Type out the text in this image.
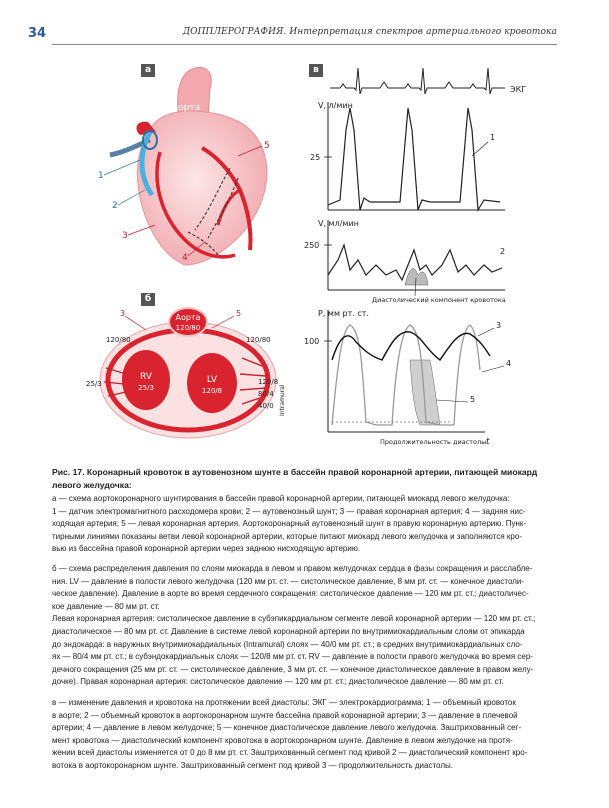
34	ДОППЛЕРОГРАФИЯ. Интерпретация спектров артериального кровотока
а
б
в
Аорта
1
2
3
4
5
Аорта
120/80
RV
25/3
LV
120/8
3	5
120/80	120/80
25/3	120/8
80/4
40/0 Intramural
ЭКГ
V, л/мин
25
1
V, мл/мин
250
2
Диастолический компонент кровотока
P, мм рт. ст.
100
3
4
5
Продолжительность диастолы t

Рис. 17. Коронарный кровоток в аутовенозном шунте в бассейн правой коронарной артерии, питающей миокард левого желудочка:

а — схема аортокоронарного шунтирования в бассейн правой коронарной артерии, питающей миокард левого желудочка:

1 — датчик электромагнитного расходомера крови; 2 — аутовенозный шунт; 3 — правая коронарная артерия; 4 — задняя нис-

ходящая артерия; 5 — левая коронарная артерия. Аортокоронарный аутовенозный шунт в правую коронарную артерию. Пунк-

тирными линиями показаны ветви левой коронарной артерии, которые питают миокард левого желудочка и заполняются кро-

вью из бассейна правой коронарной артерии через заднюю нисходящую артерию.

б — схема распределения давления по слоям миокарда в левом и правом желудочках сердца в фазы сокращения и расслабле-

ния. LV — давление в полости левого желудочка (120 мм рт. ст. — систолическое давление, 8 мм рт. ст. — конечное диастоли-

ческое давление). Давление в аорте во время сердечного сокращения: систолическое давление — 120 мм рт. ст.; диастоличес-

кое давление — 80 мм рт. ст.

Левая коронарная артерия: систолическое давление в субэпикардиальном сегменте левой коронарной артерии — 120 мм рт. ст.;

диастолическое — 80 мм рт. ст. Давление в системе левой коронарной артерии по внутримиокардиальным слоям от эпикарда

до эндокарда: в наружных внутримиокардиальных (Intramural) слоях — 40/0 мм рт. ст.; в средних внутримиокардиальных сло-

ях — 80/4 мм рт. ст.; в субэндокардиальных слоях — 120/8 мм рт. ст. RV — давление в полости правого желудочка во время сер-

дечного сокращения (25 мм рт. ст. — систолическое давление, 3 мм рт. ст. — конечное диастолическое давление в правом желу-

дочке). Правая коронарная артерия: систолическое давление — 120 мм рт. ст.; диастолическое давление — 80 мм рт. ст.

в — изменение давления и кровотока на протяжении всей диастолы: ЭКГ — электрокардиограмма; 1 — объемный кровоток

в аорте; 2 — объемный кровоток в аортокоронарном шунте бассейна правой коронарной артерии; 3 — давление в плечевой

артерии; 4 — давление в левом желудочке; 5 — конечное диастолическое давление левого желудочка. Заштрихованный сег-

мент кровотока — диастолический компонент кровотока в аортокоронарном шунте. Давление в левом желудочке на протя-

жении всей диастолы изменяется от 0 до 8 мм рт. ст. Заштрихованный сегмент под кривой 2 — диастолический компонент кро-

вотока в аортокоронарном шунте. Заштрихованный сегмент под кривой 3 — продолжительность диастолы.
